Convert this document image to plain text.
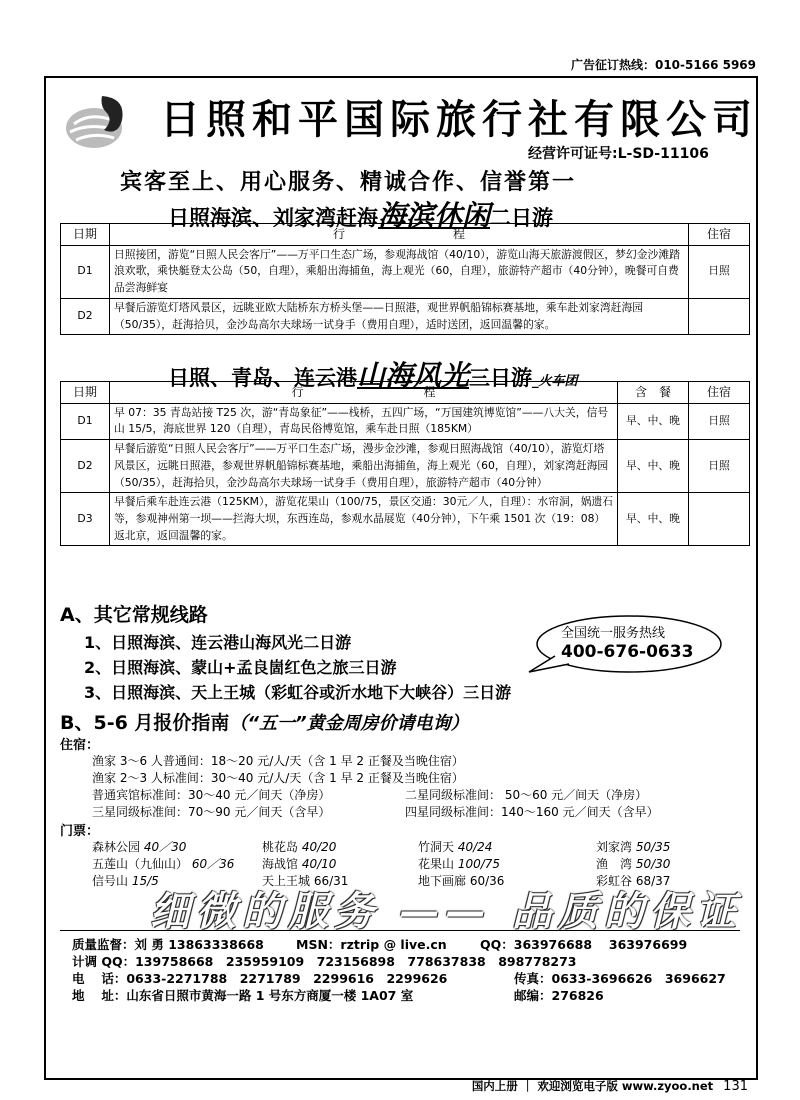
广告征订热线：010-5166 5969
日照和平国际旅行社有限公司
经营许可证号:L-SD-11106
宾客至上、用心服务、精诚合作、信誉第一
日照海滨、刘家湾赶海海滨休闲二日游
日期	行　　　　　　　　　程	住宿
D1	日照接团，游览“日照人民会客厅”——万平口生态广场，参观海战馆（40/10），游览山海天旅游渡假区，梦幻金沙滩踏浪欢歌，乘快艇登太公岛（50，自理），乘船出海捕鱼，海上观光（60，自理），旅游特产超市（40分钟），晚餐可自费品尝海鲜宴	日照
D2	早餐后游览灯塔风景区，远眺亚欧大陆桥东方桥头堡——日照港，观世界帆船锦标赛基地，乘车赴刘家湾赶海园（50/35），赶海拾贝，金沙岛高尔夫球场一试身手（费用自理），适时送团，返回温馨的家。	
日照、青岛、连云港山海风光三日游_火车团
日期	行　　　　　　　　　　程	含　餐	住宿
D1	早 07：35 青岛站接 T25 次，游“青岛象征”——栈桥，五四广场，“万国建筑博览馆”——八大关，信号山 15/5，海底世界 120（自理），青岛民俗博览馆，乘车赴日照（185KM）	早、中、晚	日照
D2	早餐后游览“日照人民会客厅”——万平口生态广场，漫步金沙滩，参观日照海战馆（40/10），游览灯塔风景区，远眺日照港，参观世界帆船锦标赛基地，乘船出海捕鱼，海上观光（60，自理），刘家湾赶海园（50/35），赶海拾贝，金沙岛高尔夫球场一试身手（费用自理），旅游特产超市（40分钟）	早、中、晚	日照
D3	早餐后乘车赴连云港（125KM），游览花果山（100/75，景区交通：30元／人，自理）：水帘洞，娲遗石等，参观神州第一坝——拦海大坝，东西连岛，参观水晶展览（40分钟），下午乘 1501 次（19：08）返北京，返回温馨的家。	早、中、晚	
A、其它常规线路
1、日照海滨、连云港山海风光二日游
2、日照海滨、蒙山+孟良崮红色之旅三日游
3、日照海滨、天上王城（彩虹谷或沂水地下大峡谷）三日游
全国统一服务热线
400-676-0633
B、5-6 月报价指南（“五一”黄金周房价请电询）
住宿：
渔家 3～6 人普通间：18～20 元/人/天（含 1 早 2 正餐及当晚住宿）
渔家 2～3 人标准间：30～40 元/人/天（含 1 早 2 正餐及当晚住宿）
普通宾馆标准间：30～40 元／间天（净房）	二星同级标准间： 50～60 元／间天（净房）
三星同级标准间：70～90 元／间天（含早）	四星同级标准间：140～160 元／间天（含早）
门票：
森林公园 40／30	桃花岛 40/20	竹洞天 40/24	刘家湾 50/35
五莲山（九仙山） 60／36 海战馆 40/10	花果山 100/75	渔　湾 50/30
信号山 15/5	天上王城 66/31	地下画廊 60/36	彩虹谷 68/37
细微的服务 —— 品质的保证
质量监督：刘 勇 13863338668	MSN：rztrip @ live.cn	QQ：363976688　 363976699
计调 QQ：139758668　235959109　723156898　778637838　898778273
电　 话：0633-2271788　2271789　2299616　2299626	传真：0633-3696626　3696627
地　 址：山东省日照市黄海一路 1 号东方商厦一楼 1A07 室	邮编：276826
国内上册 ｜ 欢迎浏览电子版 www.zyoo.net 131
